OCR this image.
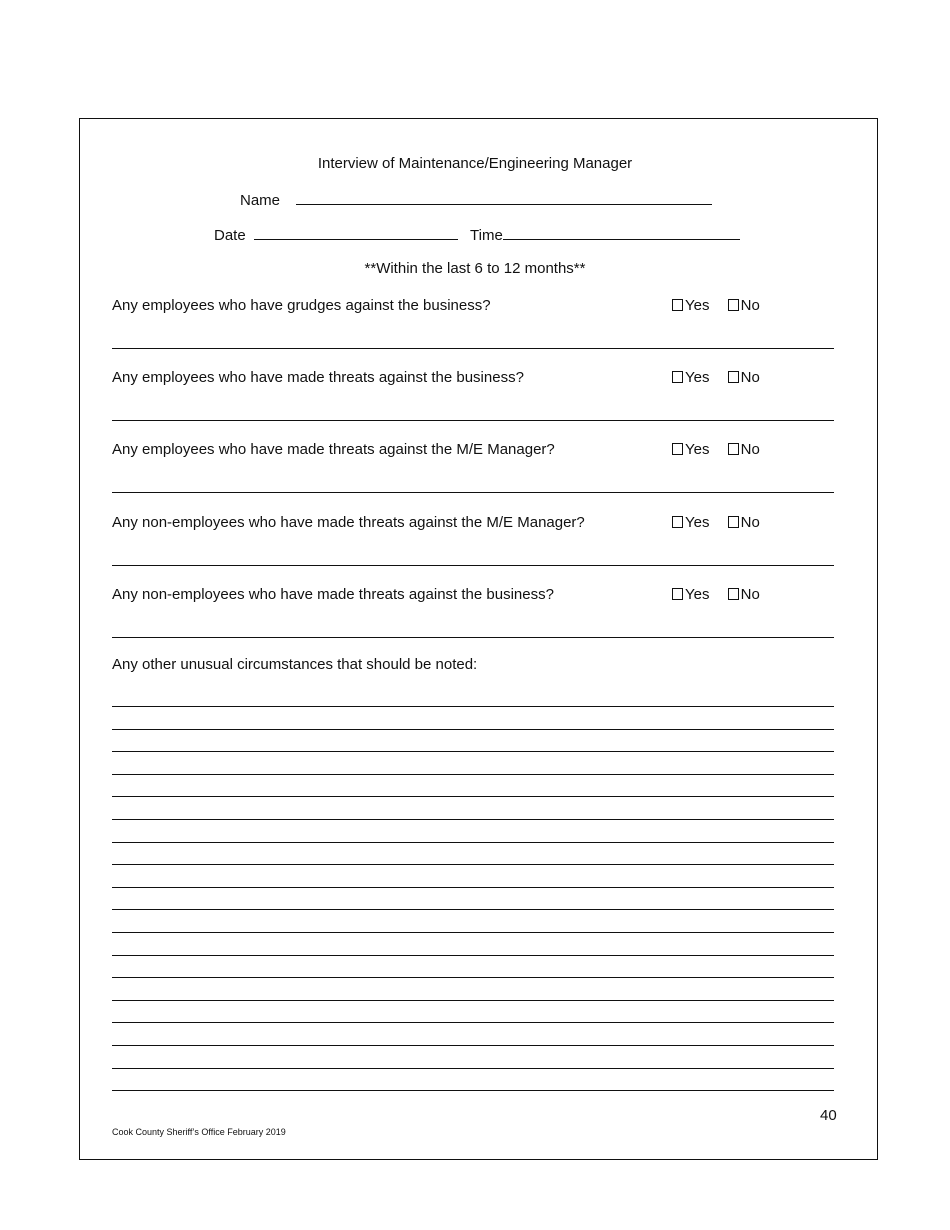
Interview of Maintenance/Engineering Manager
Name
Date	Time
**Within the last 6 to 12 months**
Any employees who have grudges against the business?	Yes No
Any employees who have made threats against the business?	Yes No
Any employees who have made threats against the M/E Manager?	Yes No
Any non-employees who have made threats against the M/E Manager?	Yes No
Any non-employees who have made threats against the business?	Yes No
Any other unusual circumstances that should be noted:
40
Cook County Sheriff’s Office February 2019
